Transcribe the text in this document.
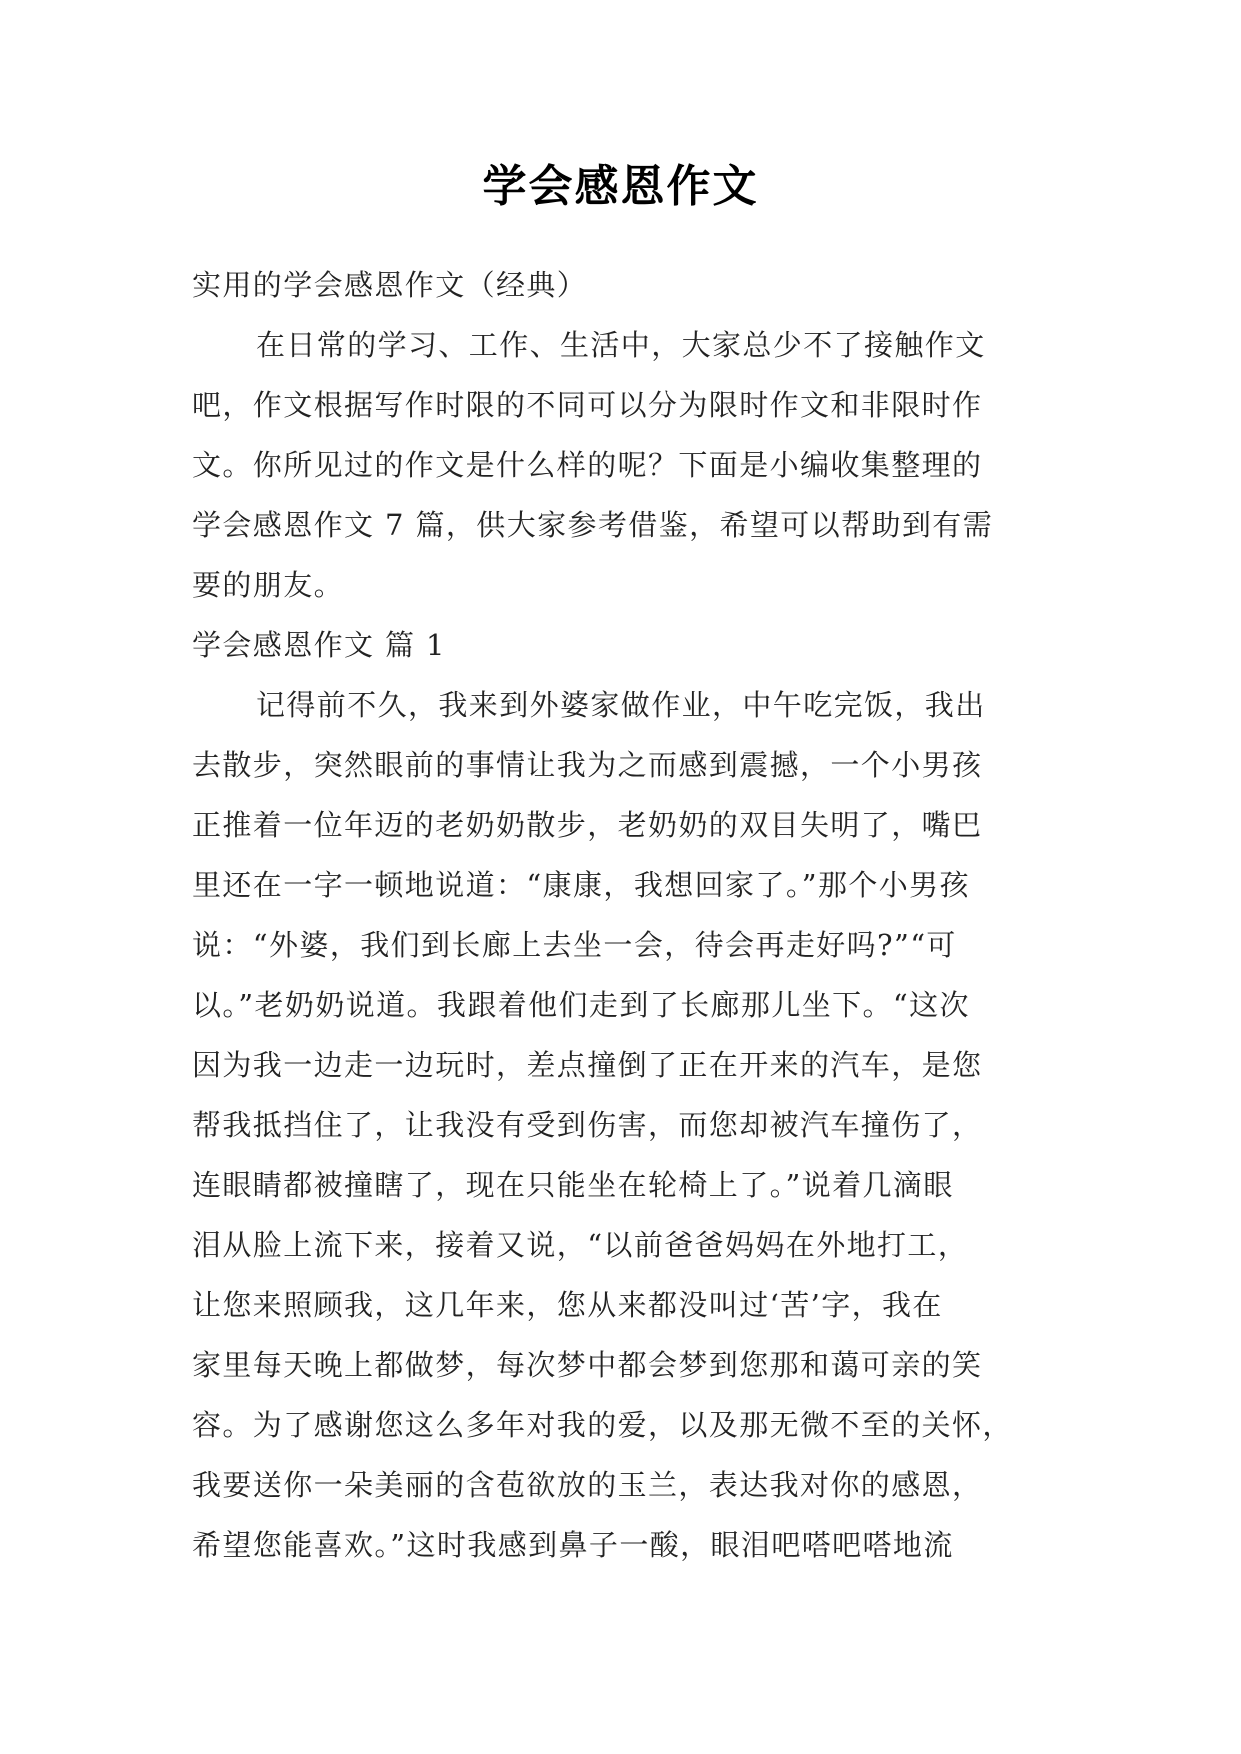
学会感恩作文
实用的学会感恩作文（经典）
在日常的学习、工作、生活中，大家总少不了接触作文
吧，作文根据写作时限的不同可以分为限时作文和非限时作
文。你所见过的作文是什么样的呢？下面是小编收集整理的
学会感恩作文 7 篇，供大家参考借鉴，希望可以帮助到有需
要的朋友。
学会感恩作文 篇 1
记得前不久，我来到外婆家做作业，中午吃完饭，我出
去散步，突然眼前的事情让我为之而感到震撼，一个小男孩
正推着一位年迈的老奶奶散步，老奶奶的双目失明了，嘴巴
里还在一字一顿地说道：“康康，我想回家了。”那个小男孩
说：“外婆，我们到长廊上去坐一会，待会再走好吗?”“可
以。”老奶奶说道。我跟着他们走到了长廊那儿坐下。“这次
因为我一边走一边玩时，差点撞倒了正在开来的汽车，是您
帮我抵挡住了，让我没有受到伤害，而您却被汽车撞伤了，
连眼睛都被撞瞎了，现在只能坐在轮椅上了。”说着几滴眼
泪从脸上流下来，接着又说，“以前爸爸妈妈在外地打工，
让您来照顾我，这几年来，您从来都没叫过‘苦’字，我在
家里每天晚上都做梦，每次梦中都会梦到您那和蔼可亲的笑
容。为了感谢您这么多年对我的爱，以及那无微不至的关怀，
我要送你一朵美丽的含苞欲放的玉兰，表达我对你的感恩，
希望您能喜欢。”这时我感到鼻子一酸，眼泪吧嗒吧嗒地流
